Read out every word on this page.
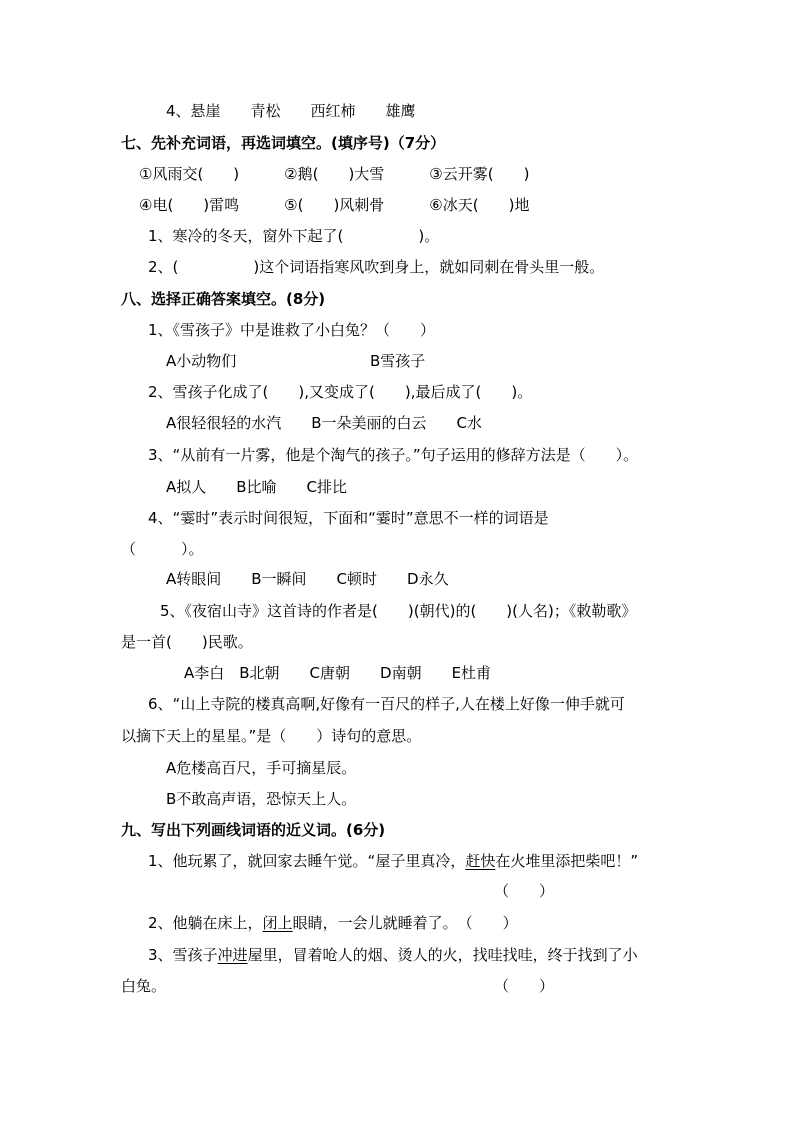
4、悬崖　　青松　　西红柿　　雄鹰
七、先补充词语，再选词填空。(填序号)（7分）
①风雨交(　　)　　　②鹅(　　)大雪　　　③云开雾(　　)
④电(　　)雷鸣　　　⑤(　　)风刺骨　　　⑥冰天(　　)地
1、寒冷的冬天，窗外下起了(　　　　　)。
2、(　　　　　)这个词语指寒风吹到身上，就如同刺在骨头里一般。
八、选择正确答案填空。(8分)
1、《雪孩子》中是谁救了小白兔？（　　）
A小动物们	B雪孩子
2、雪孩子化成了(　　),又变成了(　　),最后成了(　　)。
A很轻很轻的水汽　　B一朵美丽的白云　　C水
3、“从前有一片雾，他是个淘气的孩子。”句子运用的修辞方法是（　　）。
A拟人　　B比喻　　C排比
4、“霎时”表示时间很短，下面和“霎时”意思不一样的词语是
（　　　）。
A转眼间　　B一瞬间　　C顿时　　D永久
5、《夜宿山寺》这首诗的作者是(　　)(朝代)的(　　)(人名)；《敕勒歌》
是一首(　　)民歌。
A李白　B北朝　　C唐朝　　D南朝　　E杜甫
6、“山上寺院的楼真高啊,好像有一百尺的样子,人在楼上好像一伸手就可
以摘下天上的星星。”是（　　）诗句的意思。
A危楼高百尺，手可摘星辰。
B不敢高声语，恐惊天上人。
九、写出下列画线词语的近义词。(6分)
1、他玩累了，就回家去睡午觉。“屋子里真冷，赶快在火堆里添把柴吧！”
（　　）
2、他躺在床上，闭上眼睛，一会儿就睡着了。　（　　）
3、雪孩子冲进屋里，冒着呛人的烟、烫人的火，找哇找哇，终于找到了小
白兔。	（　　）
